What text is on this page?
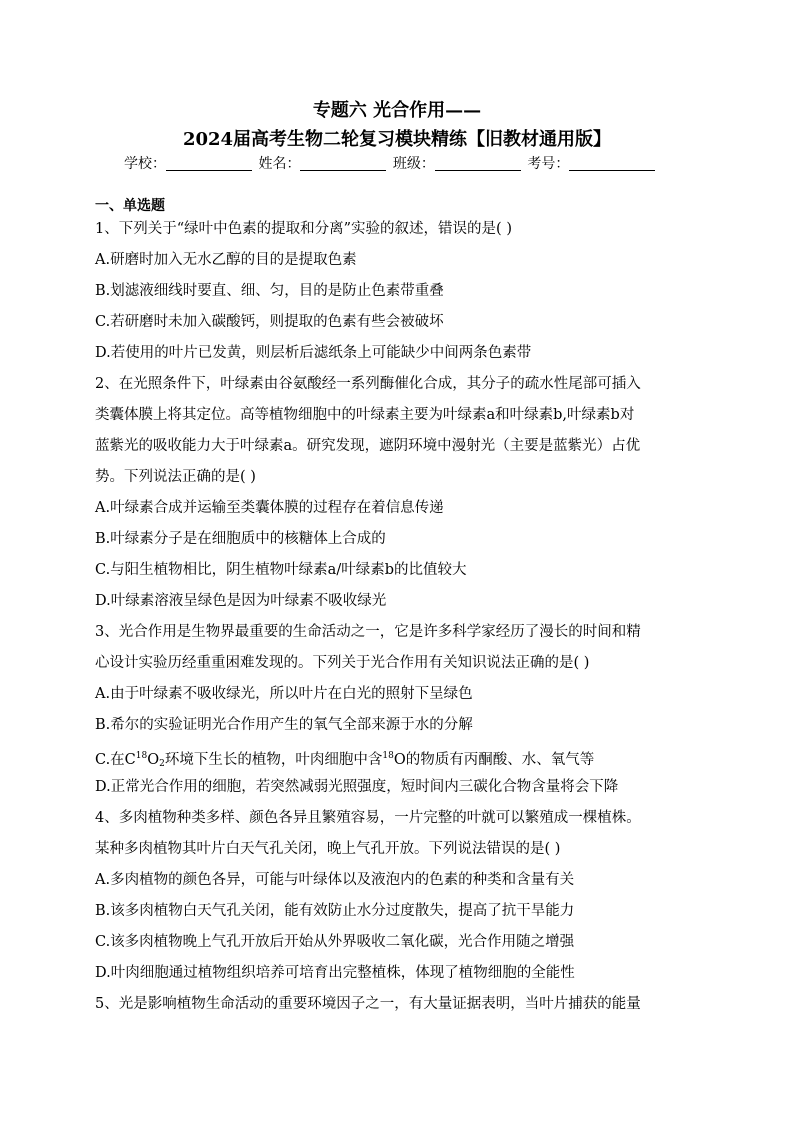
专题六 光合作用——
2024届高考生物二轮复习模块精练【旧教材通用版】
学校：	姓名：	班级：	考号：
一、单选题
1、下列关于“绿叶中色素的提取和分离”实验的叙述，错误的是( )
A.研磨时加入无水乙醇的目的是提取色素
B.划滤液细线时要直、细、匀，目的是防止色素带重叠
C.若研磨时未加入碳酸钙，则提取的色素有些会被破坏
D.若使用的叶片已发黄，则层析后滤纸条上可能缺少中间两条色素带
2、在光照条件下，叶绿素由谷氨酸经一系列酶催化合成，其分子的疏水性尾部可插入
类囊体膜上将其定位。高等植物细胞中的叶绿素主要为叶绿素a和叶绿素b,叶绿素b对
蓝紫光的吸收能力大于叶绿素a。研究发现，遮阴环境中漫射光（主要是蓝紫光）占优
势。下列说法正确的是( )
A.叶绿素合成并运输至类囊体膜的过程存在着信息传递
B.叶绿素分子是在细胞质中的核糖体上合成的
C.与阳生植物相比，阴生植物叶绿素a/叶绿素b的比值较大
D.叶绿素溶液呈绿色是因为叶绿素不吸收绿光
3、光合作用是生物界最重要的生命活动之一，它是许多科学家经历了漫长的时间和精
心设计实验历经重重困难发现的。下列关于光合作用有关知识说法正确的是( )
A.由于叶绿素不吸收绿光，所以叶片在白光的照射下呈绿色
B.希尔的实验证明光合作用产生的氧气全部来源于水的分解
C.在$C^{18}O_2$环境下生长的植物，叶肉细胞中含$^{18}$O的物质有丙酮酸、水、氧气等
D.正常光合作用的细胞，若突然减弱光照强度，短时间内三碳化合物含量将会下降
4、多肉植物种类多样、颜色各异且繁殖容易，一片完整的叶就可以繁殖成一棵植株。
某种多肉植物其叶片白天气孔关闭，晚上气孔开放。下列说法错误的是( )
A.多肉植物的颜色各异，可能与叶绿体以及液泡内的色素的种类和含量有关
B.该多肉植物白天气孔关闭，能有效防止水分过度散失，提高了抗干旱能力
C.该多肉植物晚上气孔开放后开始从外界吸收二氧化碳，光合作用随之增强
D.叶肉细胞通过植物组织培养可培育出完整植株，体现了植物细胞的全能性
5、光是影响植物生命活动的重要环境因子之一，有大量证据表明，当叶片捕获的能量
